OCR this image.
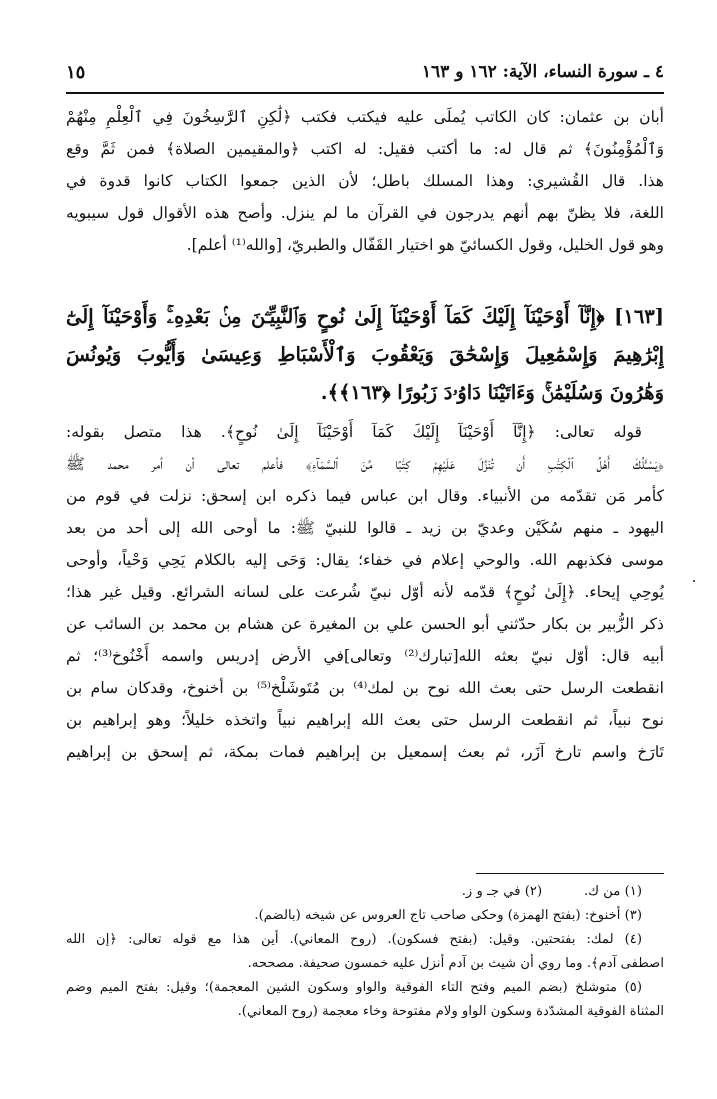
٤ ـ سورة النساء، الآية: ١٦٢ و ١٦٣
١٥
أبان بن عثمان: كان الكاتب يُملَى عليه فيكتب فكتب ﴿لَٰكِنِ ٱلرَّٰسِخُونَ فِي ٱلْعِلْمِ مِنْهُمْ
وَٱلْمُؤْمِنُونَ﴾ ثم قال له: ما أكتب فقيل: له اكتب ﴿والمقيمين الصلاة﴾ فمن ثَمَّ وقع
هذا. قال القُشيري: وهذا المسلك باطل؛ لأن الذين جمعوا الكتاب كانوا قدوة في
اللغة، فلا يظنّ بهم أنهم يدرجون في القرآن ما لم ينزل. وأصح هذه الأقوال قول سيبويه
وهو قول الخليل، وقول الكسائيّ هو اختيار القَفّال والطبريّ، [والله⁽¹⁾ أعلم].
[١٦٣] ﴿إِنَّآ أَوْحَيْنَآ إِلَيْكَ كَمَآ أَوْحَيْنَآ إِلَىٰ نُوحٍ وَٱلنَّبِيِّـۧنَ مِنۢ بَعْدِهِۦۚ وَأَوْحَيْنَآ إِلَىٰٓ
إِبْرَٰهِيمَ وَإِسْمَٰعِيلَ وَإِسْحَٰقَ وَيَعْقُوبَ وَٱلْأَسْبَاطِ وَعِيسَىٰ وَأَيُّوبَ وَيُونُسَ
وَهَٰرُونَ وَسُلَيْمَٰنَۚ وَءَاتَيْنَا دَاوُۥدَ زَبُورًا ﴿١٦٣﴾﴾.
قوله تعالى: ﴿إِنَّآ أَوْحَيْنَآ إِلَيْكَ كَمَآ أَوْحَيْنَآ إِلَىٰ نُوحٍ﴾. هذا متصل بقوله:
﴿يَسْـَٔلُكَ أَهْلُ ٱلْكِتَٰبِ أَن تُنَزِّلَ عَلَيْهِمْ كِتَٰبًا مِّنَ ٱلسَّمَآءِ﴾ فأعلم تعالى أن أمر محمد ﷺ
كأمر مَن تقدّمه من الأنبياء. وقال ابن عباس فيما ذكره ابن إسحق: نزلت في قوم من
اليهود ـ منهم سُكَيْن وعديّ بن زيد ـ قالوا للنبيّ ﷺ: ما أوحى الله إلى أحد من بعد
موسى فكذبهم الله. والوحي إعلام في خفاء؛ يقال: وَحَى إليه بالكلام يَحِي وَحْياً، وأوحى
يُوحِي إيحاء. ﴿إِلَىٰ نُوحٍ﴾ قدّمه لأنه أوّل نبيّ شُرعت على لسانه الشرائع. وقيل غير هذا؛
ذكر الزُّبير بن بكار حدّثني أبو الحسن علي بن المغيرة عن هشام بن محمد بن السائب عن
أبيه قال: أوّل نبيّ بعثه الله[تبارك⁽²⁾ وتعالى]في الأرض إدريس واسمه أَخْنُوخ⁽³⁾؛ ثم
انقطعت الرسل حتى بعث الله نوح بن لمك⁽⁴⁾ بن مُتَوشَلْخ⁽⁵⁾ بن أخنوخ، وقدكان سام بن
نوح نبياً، ثم انقطعت الرسل حتى بعث الله إبراهيم نبياً واتخذه خليلاً؛ وهو إبراهيم بن
تَارَخ واسم تارخ آزَر، ثم بعث إسمعيل بن إبراهيم فمات بمكة، ثم إسحق بن إبراهيم
(١) من ك.          (٢) في جـ و ز.
(٣) أخنوخ: (بفتح الهمزة) وحكى صاحب تاج العروس عن شيخه (بالضم).
(٤) لمك: بفتحتين. وقيل: (بفتح فسكون). (روح المعاني). أين هذا مع قوله تعالى: ﴿إن الله
اصطفى آدم﴾. وما روي أن شيث بن آدم أنزل عليه خمسون صحيفة. مصححه.
(٥) متوشلخ (بضم الميم وفتح التاء الفوقية والواو وسكون الشين المعجمة)؛ وقيل: بفتح الميم وضم
المثناة الفوقية المشدّدة وسكون الواو ولام مفتوحة وخاء معجمة (روح المعاني).
